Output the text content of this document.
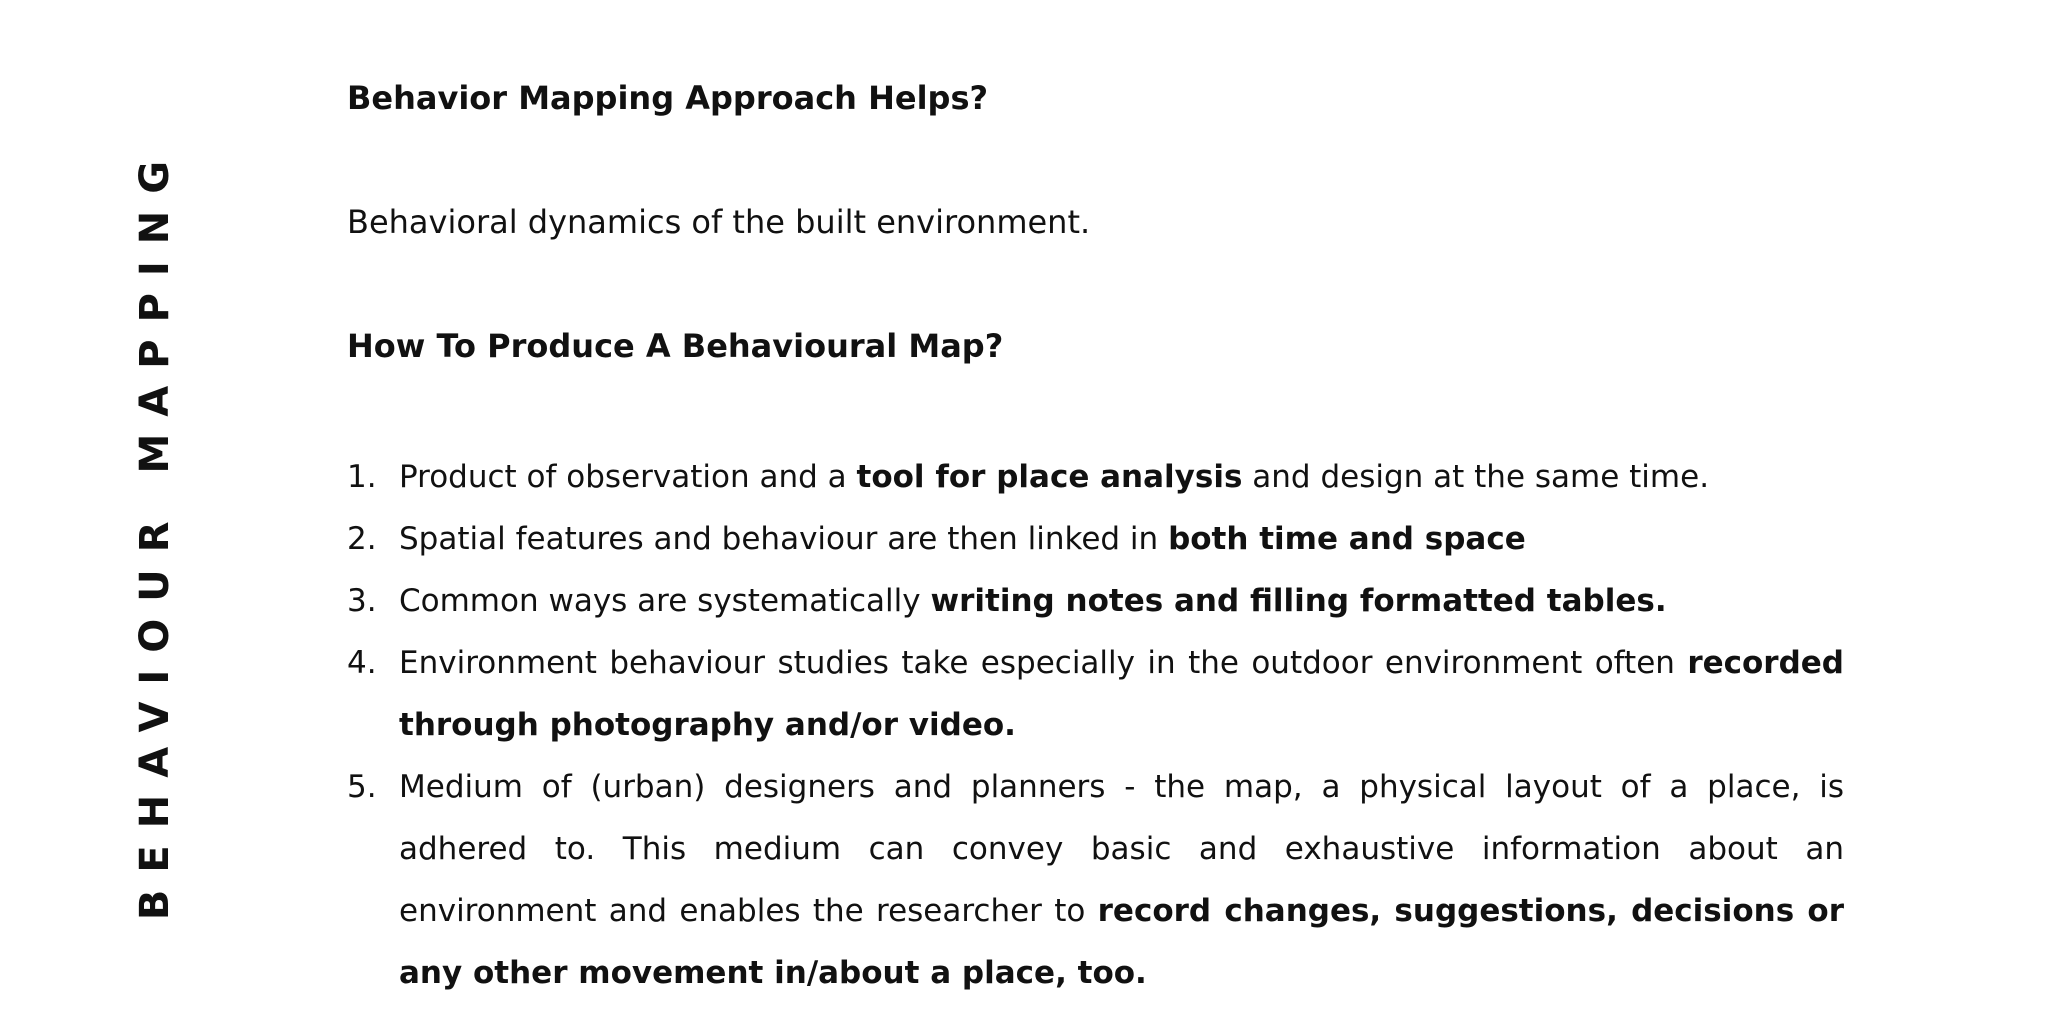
BEHAVIOUR MAPPING
Behavior Mapping Approach Helps?
Behavioral dynamics of the built environment.
How To Produce A Behavioural Map?
1. Product of observation and a tool for place analysis and design at the same time.
2. Spatial features and behaviour are then linked in both time and space
3. Common ways are systematically writing notes and filling formatted tables.
4. Environment behaviour studies take especially in the outdoor environment often recorded through photography and/or video.
5. Medium of (urban) designers and planners - the map, a physical layout of a place, is adhered to. This medium can convey basic and exhaustive information about an environment and enables the researcher to record changes, suggestions, decisions or any other movement in/about a place, too.
